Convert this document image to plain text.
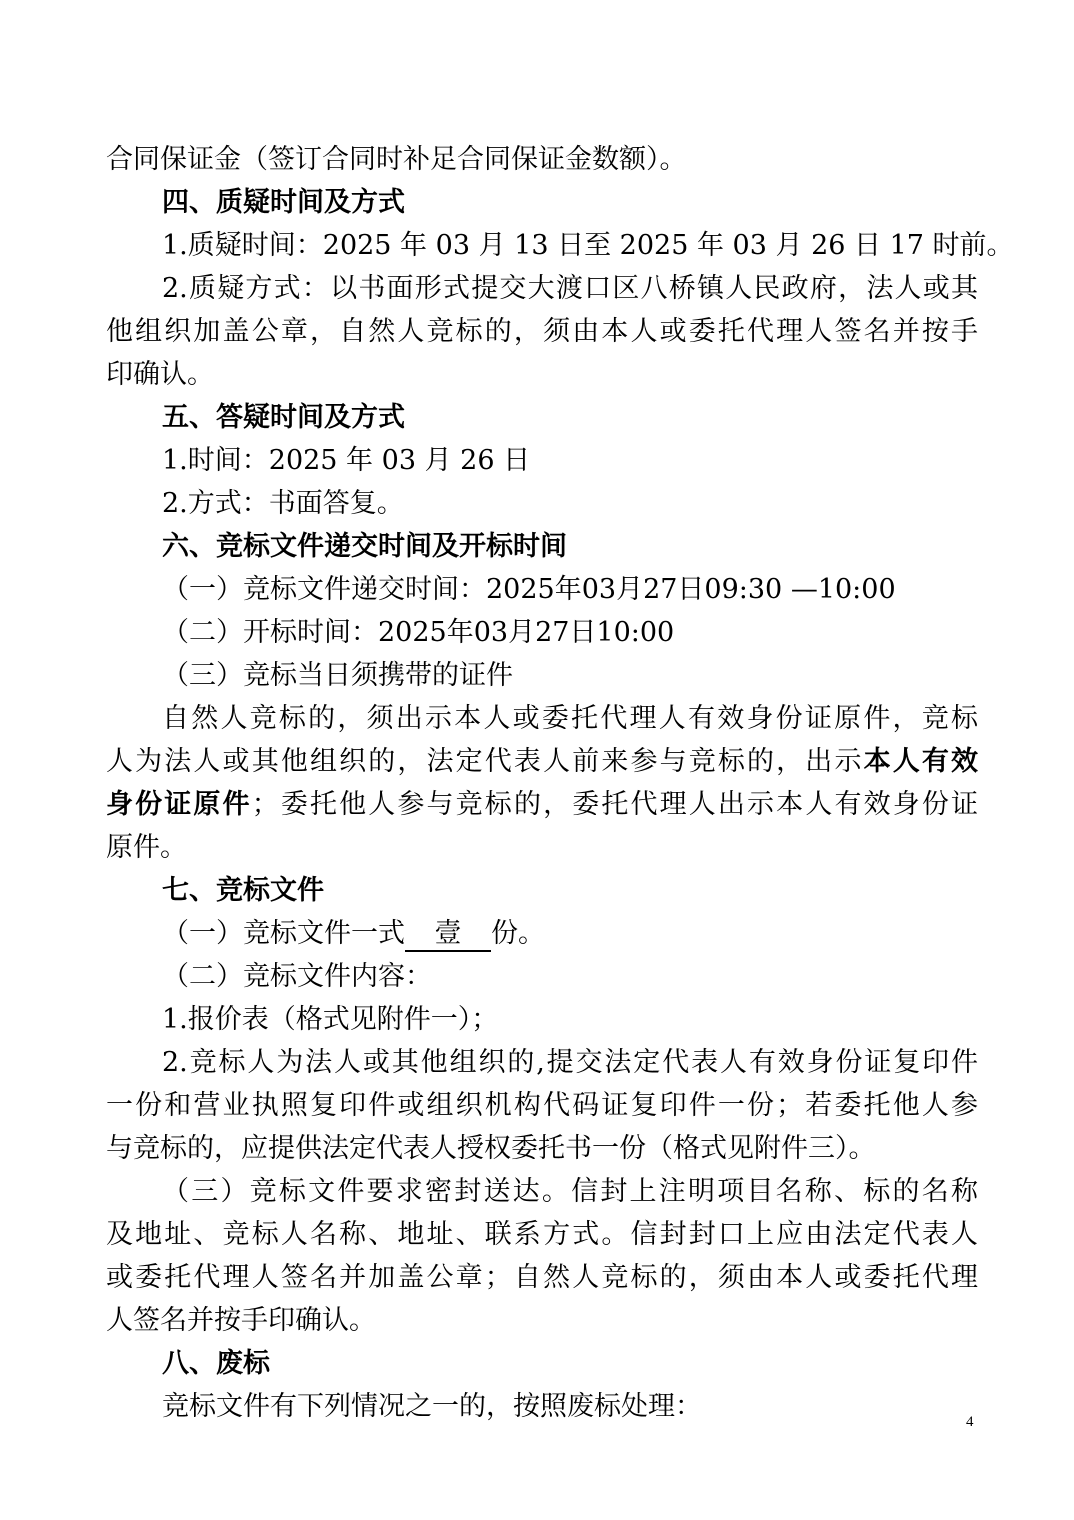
合同保证金（签订合同时补足合同保证金数额）。
四、质疑时间及方式
1.质疑时间：2025 年 03 月 13 日至 2025 年 03 月 26 日 17 时前。
2.质疑方式：以书面形式提交大渡口区八桥镇人民政府，法人或其
他组织加盖公章，自然人竞标的，须由本人或委托代理人签名并按手
印确认。
五、答疑时间及方式
1.时间：2025 年 03 月 26 日
2.方式：书面答复。
六、竞标文件递交时间及开标时间
（一）竞标文件递交时间：2025年03月27日09:30 —10:00
（二）开标时间：2025年03月27日10:00
（三）竞标当日须携带的证件
自然人竞标的，须出示本人或委托代理人有效身份证原件，竞标
人为法人或其他组织的，法定代表人前来参与竞标的，出示本人有效
身份证原件；委托他人参与竞标的，委托代理人出示本人有效身份证
原件。
七、竞标文件
（一）竞标文件一式 壹 份。
（二）竞标文件内容：
1.报价表（格式见附件一）；
2.竞标人为法人或其他组织的,提交法定代表人有效身份证复印件
一份和营业执照复印件或组织机构代码证复印件一份；若委托他人参
与竞标的，应提供法定代表人授权委托书一份（格式见附件三）。
（三）竞标文件要求密封送达。信封上注明项目名称、标的名称
及地址、竞标人名称、地址、联系方式。信封封口上应由法定代表人
或委托代理人签名并加盖公章；自然人竞标的，须由本人或委托代理
人签名并按手印确认。
八、废标
竞标文件有下列情况之一的，按照废标处理：	4
